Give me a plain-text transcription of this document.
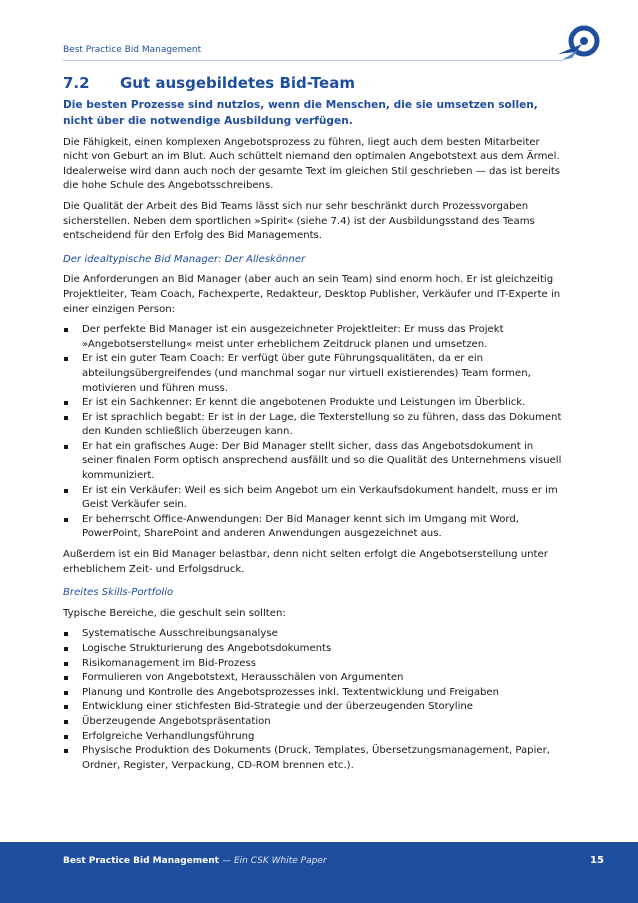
Best Practice Bid Management
7.2	Gut ausgebildetes Bid-Team

Die besten Prozesse sind nutzlos, wenn die Menschen, die sie umsetzen sollen, nicht über die notwendige Ausbildung verfügen.

Die Fähigkeit, einen komplexen Angebotsprozess zu führen, liegt auch dem besten Mitarbeiter nicht von Geburt an im Blut. Auch schüttelt niemand den optimalen Angebotstext aus dem Ärmel. Idealerweise wird dann auch noch der gesamte Text im gleichen Stil geschrieben — das ist bereits die hohe Schule des Angebotsschreibens.

Die Qualität der Arbeit des Bid Teams lässt sich nur sehr beschränkt durch Prozessvorgaben sicherstellen. Neben dem sportlichen »Spirit« (siehe 7.4) ist der Ausbildungsstand des Teams entscheidend für den Erfolg des Bid Managements.

Der idealtypische Bid Manager: Der Alleskönner

Die Anforderungen an Bid Manager (aber auch an sein Team) sind enorm hoch. Er ist gleichzeitig Projektleiter, Team Coach, Fachexperte, Redakteur, Desktop Publisher, Verkäufer und IT-Experte in einer einzigen Person:

Der perfekte Bid Manager ist ein ausgezeichneter Projektleiter: Er muss das Projekt »Angebotserstellung« meist unter erheblichem Zeitdruck planen und umsetzen.
Er ist ein guter Team Coach: Er verfügt über gute Führungsqualitäten, da er ein abteilungsübergreifendes (und manchmal sogar nur virtuell existierendes) Team formen, motivieren und führen muss.
Er ist ein Sachkenner: Er kennt die angebotenen Produkte und Leistungen im Überblick.
Er ist sprachlich begabt: Er ist in der Lage, die Texterstellung so zu führen, dass das Dokument den Kunden schließlich überzeugen kann.
Er hat ein grafisches Auge: Der Bid Manager stellt sicher, dass das Angebotsdokument in seiner finalen Form optisch ansprechend ausfällt und so die Qualität des Unternehmens visuell kommuniziert.
Er ist ein Verkäufer: Weil es sich beim Angebot um ein Verkaufsdokument handelt, muss er im Geist Verkäufer sein.
Er beherrscht Office-Anwendungen: Der Bid Manager kennt sich im Umgang mit Word, PowerPoint, SharePoint and anderen Anwendungen ausgezeichnet aus.

Außerdem ist ein Bid Manager belastbar, denn nicht selten erfolgt die Angebotserstellung unter erheblichem Zeit- und Erfolgsdruck.

Breites Skills-Portfolio

Typische Bereiche, die geschult sein sollten:

Systematische Ausschreibungsanalyse
Logische Strukturierung des Angebotsdokuments
Risikomanagement im Bid-Prozess
Formulieren von Angebotstext, Herausschälen von Argumenten
Planung und Kontrolle des Angebotsprozesses inkl. Textentwicklung und Freigaben
Entwicklung einer stichfesten Bid-Strategie und der überzeugenden Storyline
Überzeugende Angebotspräsentation
Erfolgreiche Verhandlungsführung
Physische Produktion des Dokuments (Druck, Templates, Übersetzungsmanagement, Papier, Ordner, Register, Verpackung, CD-ROM brennen etc.).
Best Practice Bid Management — Ein CSK White Paper	15
